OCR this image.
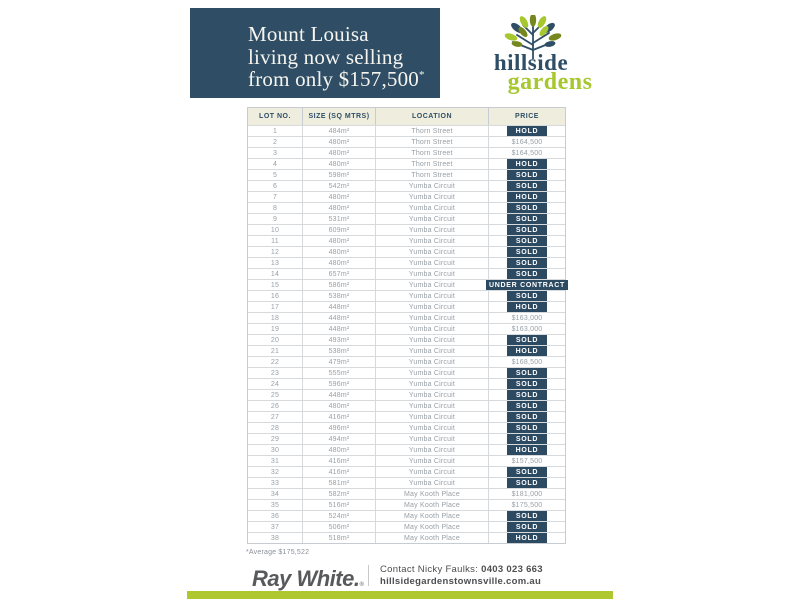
Mount Louisa
living now selling
from only $157,500*	hillside
gardens
LOT NO.	SIZE (SQ MTRS)	LOCATION	PRICE
1	484m²	Thorn Street	HOLD
2	480m²	Thorn Street	$164,500
3	480m²	Thorn Street	$164,500
4	480m²	Thorn Street	HOLD
5	598m²	Thorn Street	SOLD
6	542m²	Yumba Circuit	SOLD
7	480m²	Yumba Circuit	HOLD
8	480m²	Yumba Circuit	SOLD
9	531m²	Yumba Circuit	SOLD
10	609m²	Yumba Circuit	SOLD
11	480m²	Yumba Circuit	SOLD
12	480m²	Yumba Circuit	SOLD
13	480m²	Yumba Circuit	SOLD
14	657m²	Yumba Circuit	SOLD
15	586m²	Yumba Circuit	UNDER CONTRACT
16	538m²	Yumba Circuit	SOLD
17	448m²	Yumba Circuit	HOLD
18	448m²	Yumba Circuit	$163,000
19	448m²	Yumba Circuit	$163,000
20	493m²	Yumba Circuit	SOLD
21	538m²	Yumba Circuit	HOLD
22	479m²	Yumba Circuit	$168,500
23	555m²	Yumba Circuit	SOLD
24	596m²	Yumba Circuit	SOLD
25	448m²	Yumba Circuit	SOLD
26	480m²	Yumba Circuit	SOLD
27	416m²	Yumba Circuit	SOLD
28	496m²	Yumba Circuit	SOLD
29	494m²	Yumba Circuit	SOLD
30	480m²	Yumba Circuit	HOLD
31	416m²	Yumba Circuit	$157,500
32	416m²	Yumba Circuit	SOLD
33	581m²	Yumba Circuit	SOLD
34	582m²	May Kooth Place	$181,000
35	516m²	May Kooth Place	$175,500
36	524m²	May Kooth Place	SOLD
37	506m²	May Kooth Place	SOLD
38	518m²	May Kooth Place	HOLD
*Average $175,522
Ray White.®
Contact Nicky Faulks: 0403 023 663
hillsidegardenstownsville.com.au
